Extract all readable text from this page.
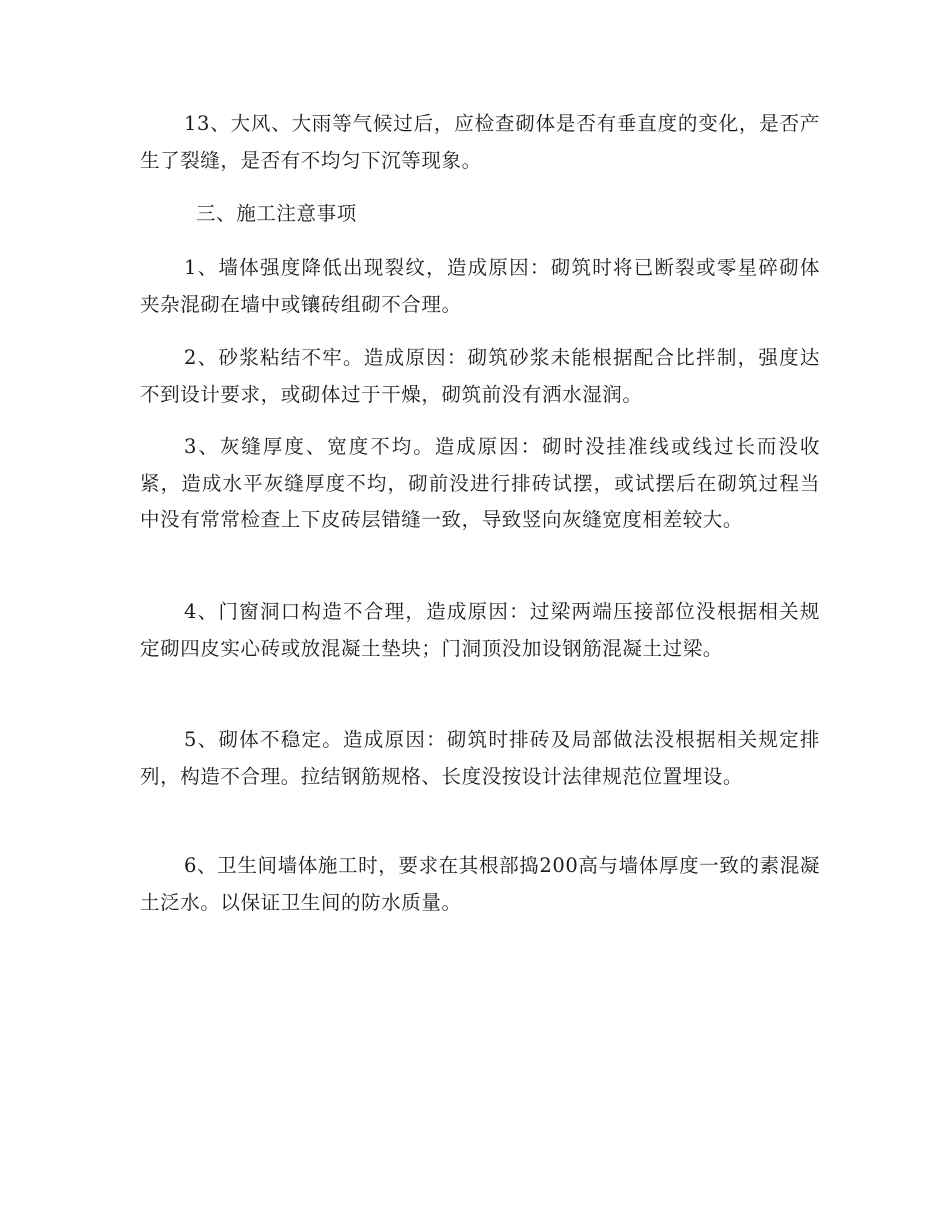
13、大风、大雨等气候过后，应检查砌体是否有垂直度的变化，是否产生了裂缝，是否有不均匀下沉等现象。

三、施工注意事项

1、墙体强度降低出现裂纹，造成原因：砌筑时将已断裂或零星碎砌体夹杂混砌在墙中或镶砖组砌不合理。

2、砂浆粘结不牢。造成原因：砌筑砂浆未能根据配合比拌制，强度达不到设计要求，或砌体过于干燥，砌筑前没有洒水湿润。

3、灰缝厚度、宽度不均。造成原因：砌时没挂准线或线过长而没收紧，造成水平灰缝厚度不均，砌前没进行排砖试摆，或试摆后在砌筑过程当中没有常常检查上下皮砖层错缝一致，导致竖向灰缝宽度相差较大。

4、门窗洞口构造不合理，造成原因：过梁两端压接部位没根据相关规定砌四皮实心砖或放混凝土垫块；门洞顶没加设钢筋混凝土过梁。

5、砌体不稳定。造成原因：砌筑时排砖及局部做法没根据相关规定排列，构造不合理。拉结钢筋规格、长度没按设计法律规范位置埋设。

6、卫生间墙体施工时，要求在其根部捣200高与墙体厚度一致的素混凝土泛水。以保证卫生间的防水质量。
